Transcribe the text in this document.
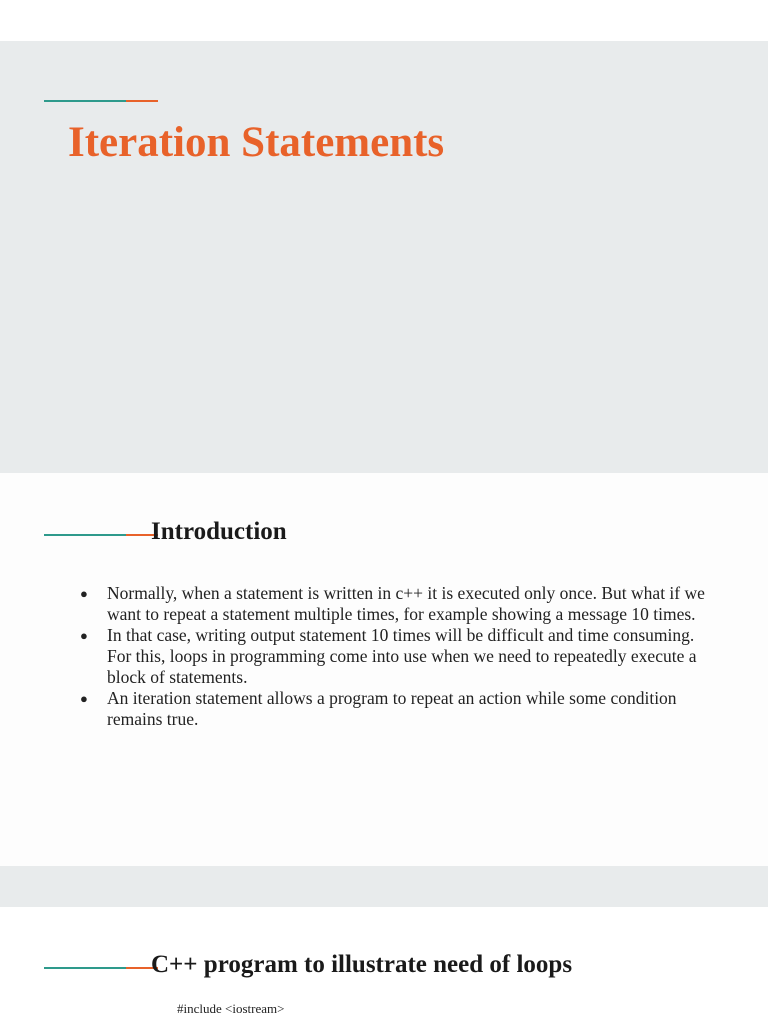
Iteration Statements
Introduction
● Normally, when a statement is written in c++ it is executed only once. But what if we want to repeat a statement multiple times, for example showing a message 10 times.
● In that case, writing output statement 10 times will be difficult and time consuming. For this, loops in programming come into use when we need to repeatedly execute a block of statements.
● An iteration statement allows a program to repeat an action while some condition remains true.
C++ program to illustrate need of loops

#include <iostream>
